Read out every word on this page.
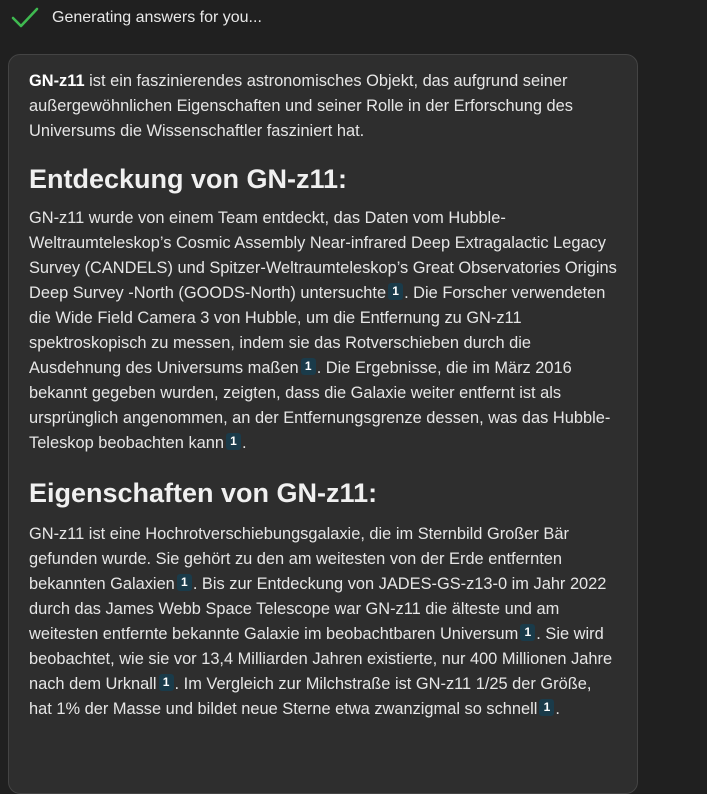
Generating answers for you...

GN-z11 ist ein faszinierendes astronomisches Objekt, das aufgrund seiner außergewöhnlichen Eigenschaften und seiner Rolle in der Erforschung des Universums die Wissenschaftler fasziniert hat.

Entdeckung von GN-z11:

GN-z11 wurde von einem Team entdeckt, das Daten vom Hubble-Weltraumteleskop’s Cosmic Assembly Near-infrared Deep Extragalactic Legacy Survey (CANDELS) und Spitzer-Weltraumteleskop’s Great Observatories Origins Deep Survey -North (GOODS-North) untersuchte 1 . Die Forscher verwendeten die Wide Field Camera 3 von Hubble, um die Entfernung zu GN-z11 spektroskopisch zu messen, indem sie das Rotverschieben durch die Ausdehnung des Universums maßen 1 . Die Ergebnisse, die im März 2016 bekannt gegeben wurden, zeigten, dass die Galaxie weiter entfernt ist als ursprünglich angenommen, an der Entfernungsgrenze dessen, was das Hubble-Teleskop beobachten kann 1 .

Eigenschaften von GN-z11:

GN-z11 ist eine Hochrotverschiebungsgalaxie, die im Sternbild Großer Bär gefunden wurde. Sie gehört zu den am weitesten von der Erde entfernten bekannten Galaxien 1 . Bis zur Entdeckung von JADES-GS-z13-0 im Jahr 2022 durch das James Webb Space Telescope war GN-z11 die älteste und am weitesten entfernte bekannte Galaxie im beobachtbaren Universum 1 . Sie wird beobachtet, wie sie vor 13,4 Milliarden Jahren existierte, nur 400 Millionen Jahre nach dem Urknall 1 . Im Vergleich zur Milchstraße ist GN-z11 1/25 der Größe, hat 1% der Masse und bildet neue Sterne etwa zwanzigmal so schnell 1 .
